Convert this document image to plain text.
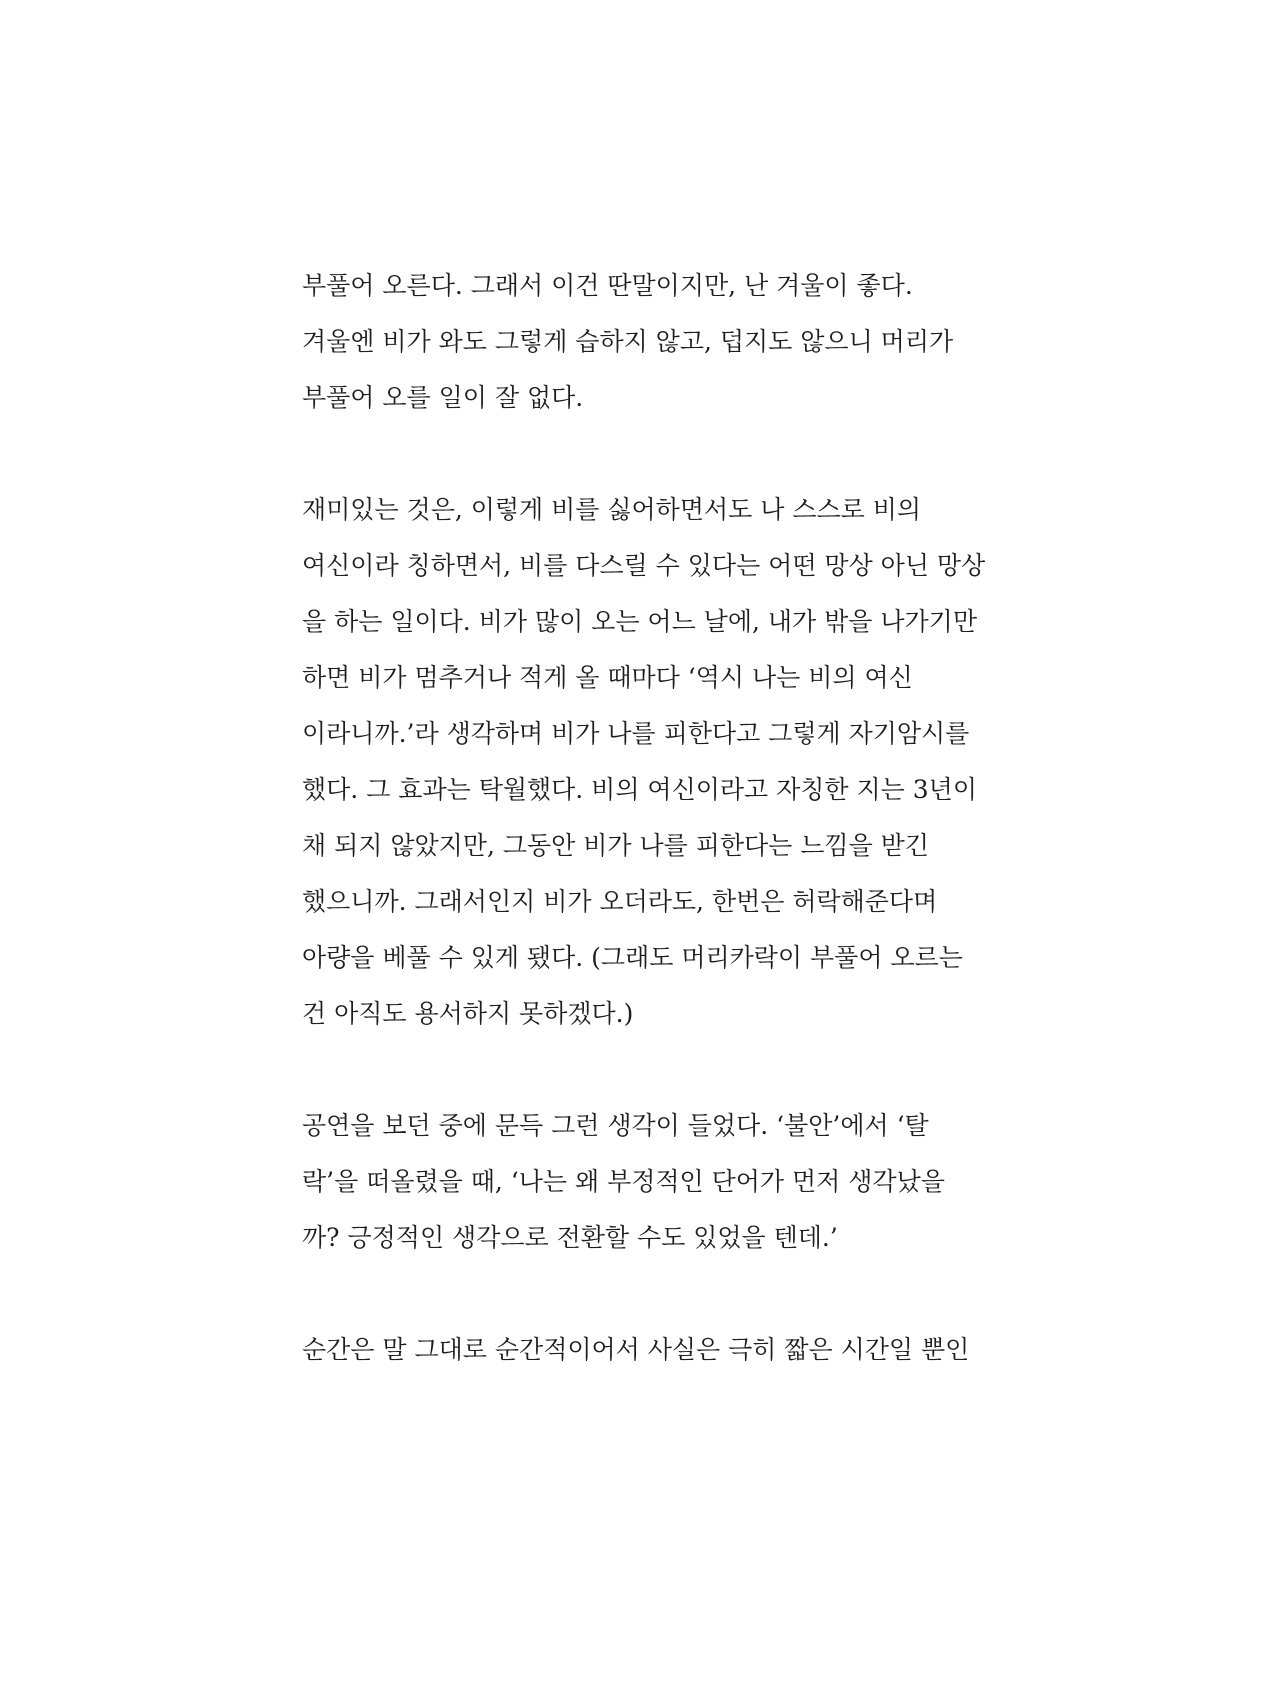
부풀어 오른다. 그래서 이건 딴말이지만, 난 겨울이 좋다.
겨울엔 비가 와도 그렇게 습하지 않고, 덥지도 않으니 머리가
부풀어 오를 일이 잘 없다.
재미있는 것은, 이렇게 비를 싫어하면서도 나 스스로 비의
여신이라 칭하면서, 비를 다스릴 수 있다는 어떤 망상 아닌 망상
을 하는 일이다. 비가 많이 오는 어느 날에, 내가 밖을 나가기만
하면 비가 멈추거나 적게 올 때마다 ‘역시 나는 비의 여신
이라니까.’라 생각하며 비가 나를 피한다고 그렇게 자기암시를
했다. 그 효과는 탁월했다. 비의 여신이라고 자칭한 지는 3년이
채 되지 않았지만, 그동안 비가 나를 피한다는 느낌을 받긴
했으니까. 그래서인지 비가 오더라도, 한번은 허락해준다며
아량을 베풀 수 있게 됐다. (그래도 머리카락이 부풀어 오르는
건 아직도 용서하지 못하겠다.)
공연을 보던 중에 문득 그런 생각이 들었다. ‘불안’에서 ‘탈
락’을 떠올렸을 때, ‘나는 왜 부정적인 단어가 먼저 생각났을
까? 긍정적인 생각으로 전환할 수도 있었을 텐데.’
순간은 말 그대로 순간적이어서 사실은 극히 짧은 시간일 뿐인
